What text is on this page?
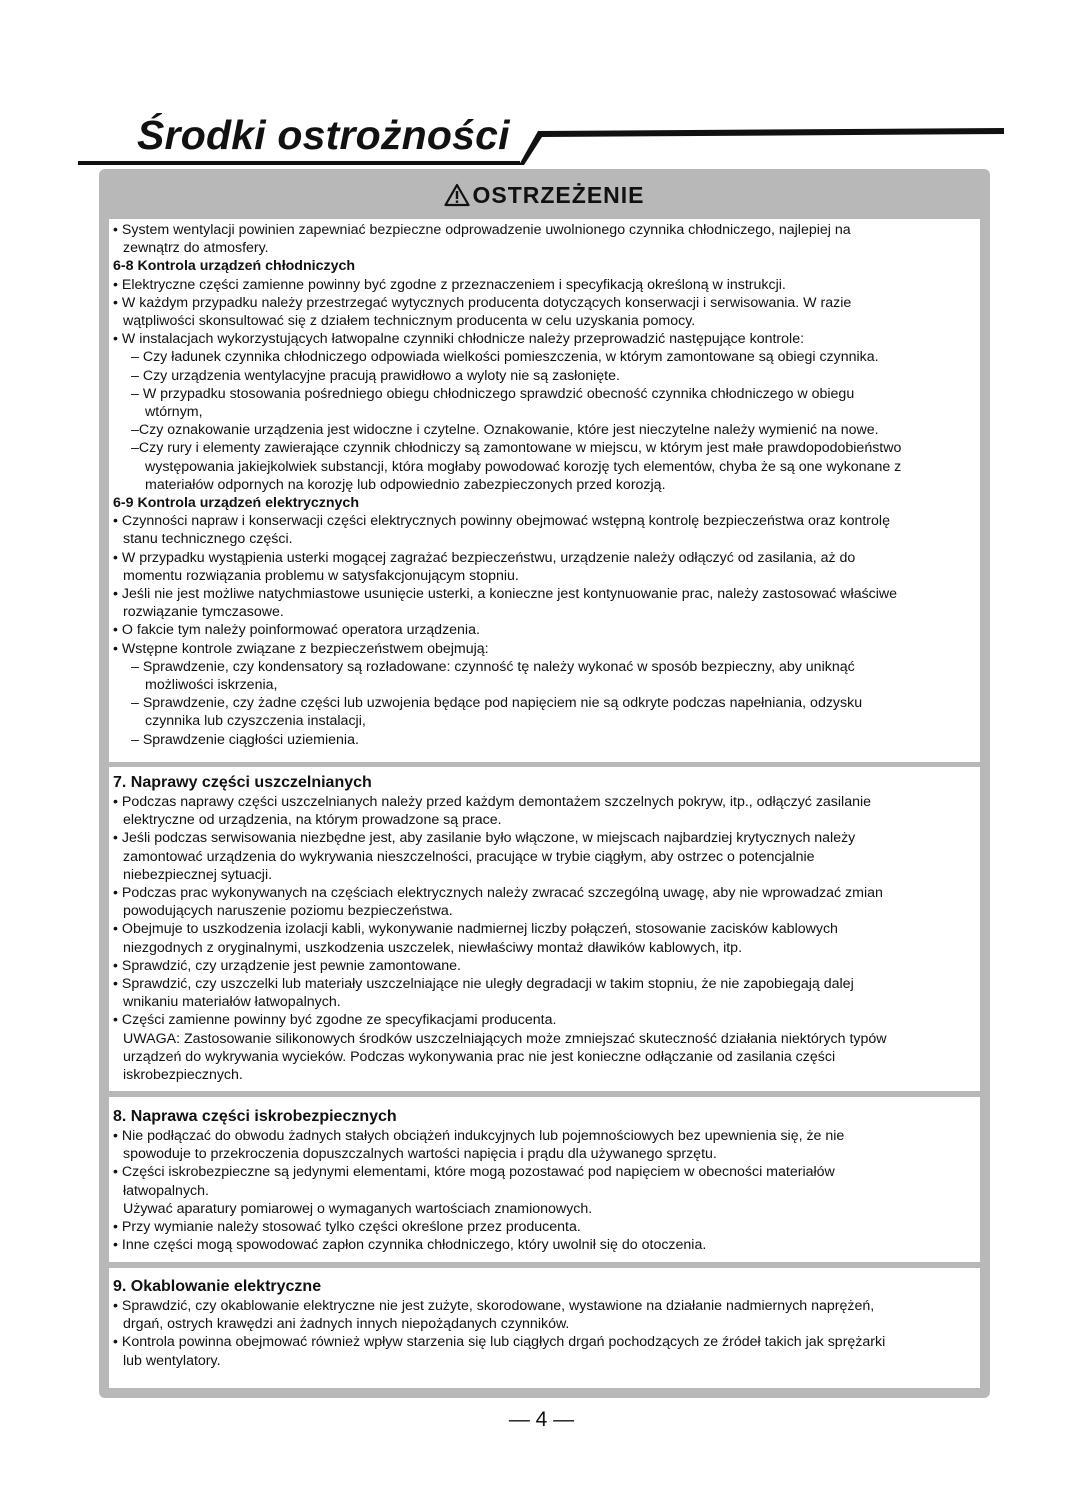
Środki ostrożności
OSTRZEŻENIE
• System wentylacji powinien zapewniać bezpieczne odprowadzenie uwolnionego czynnika chłodniczego, najlepiej na
zewnątrz do atmosfery.
6-8 Kontrola urządzeń chłodniczych
• Elektryczne części zamienne powinny być zgodne z przeznaczeniem i specyfikacją określoną w instrukcji.
• W każdym przypadku należy przestrzegać wytycznych producenta dotyczących konserwacji i serwisowania. W razie
wątpliwości skonsultować się z działem technicznym producenta w celu uzyskania pomocy.
• W instalacjach wykorzystujących łatwopalne czynniki chłodnicze należy przeprowadzić następujące kontrole:
– Czy ładunek czynnika chłodniczego odpowiada wielkości pomieszczenia, w którym zamontowane są obiegi czynnika.
– Czy urządzenia wentylacyjne pracują prawidłowo a wyloty nie są zasłonięte.
– W przypadku stosowania pośredniego obiegu chłodniczego sprawdzić obecność czynnika chłodniczego w obiegu
wtórnym,
–Czy oznakowanie urządzenia jest widoczne i czytelne. Oznakowanie, które jest nieczytelne należy wymienić na nowe.
–Czy rury i elementy zawierające czynnik chłodniczy są zamontowane w miejscu, w którym jest małe prawdopodobieństwo
występowania jakiejkolwiek substancji, która mogłaby powodować korozję tych elementów, chyba że są one wykonane z
materiałów odpornych na korozję lub odpowiednio zabezpieczonych przed korozją.
6-9 Kontrola urządzeń elektrycznych
• Czynności napraw i konserwacji części elektrycznych powinny obejmować wstępną kontrolę bezpieczeństwa oraz kontrolę
stanu technicznego części.
• W przypadku wystąpienia usterki mogącej zagrażać bezpieczeństwu, urządzenie należy odłączyć od zasilania, aż do
momentu rozwiązania problemu w satysfakcjonującym stopniu.
• Jeśli nie jest możliwe natychmiastowe usunięcie usterki, a konieczne jest kontynuowanie prac, należy zastosować właściwe
rozwiązanie tymczasowe.
• O fakcie tym należy poinformować operatora urządzenia.
• Wstępne kontrole związane z bezpieczeństwem obejmują:
– Sprawdzenie, czy kondensatory są rozładowane: czynność tę należy wykonać w sposób bezpieczny, aby uniknąć
możliwości iskrzenia,
– Sprawdzenie, czy żadne części lub uzwojenia będące pod napięciem nie są odkryte podczas napełniania, odzysku
czynnika lub czyszczenia instalacji,
– Sprawdzenie ciągłości uziemienia.
7. Naprawy części uszczelnianych
• Podczas naprawy części uszczelnianych należy przed każdym demontażem szczelnych pokryw, itp., odłączyć zasilanie
elektryczne od urządzenia, na którym prowadzone są prace.
• Jeśli podczas serwisowania niezbędne jest, aby zasilanie było włączone, w miejscach najbardziej krytycznych należy
zamontować urządzenia do wykrywania nieszczelności, pracujące w trybie ciągłym, aby ostrzec o potencjalnie
niebezpiecznej sytuacji.
• Podczas prac wykonywanych na częściach elektrycznych należy zwracać szczególną uwagę, aby nie wprowadzać zmian
powodujących naruszenie poziomu bezpieczeństwa.
• Obejmuje to uszkodzenia izolacji kabli, wykonywanie nadmiernej liczby połączeń, stosowanie zacisków kablowych
niezgodnych z oryginalnymi, uszkodzenia uszczelek, niewłaściwy montaż dławików kablowych, itp.
• Sprawdzić, czy urządzenie jest pewnie zamontowane.
• Sprawdzić, czy uszczelki lub materiały uszczelniające nie uległy degradacji w takim stopniu, że nie zapobiegają dalej
wnikaniu materiałów łatwopalnych.
• Części zamienne powinny być zgodne ze specyfikacjami producenta.
UWAGA: Zastosowanie silikonowych środków uszczelniających może zmniejszać skuteczność działania niektórych typów
urządzeń do wykrywania wycieków. Podczas wykonywania prac nie jest konieczne odłączanie od zasilania części
iskrobezpiecznych.
8. Naprawa części iskrobezpiecznych
• Nie podłączać do obwodu żadnych stałych obciążeń indukcyjnych lub pojemnościowych bez upewnienia się, że nie
spowoduje to przekroczenia dopuszczalnych wartości napięcia i prądu dla używanego sprzętu.
• Części iskrobezpieczne są jedynymi elementami, które mogą pozostawać pod napięciem w obecności materiałów
łatwopalnych.
Używać aparatury pomiarowej o wymaganych wartościach znamionowych.
• Przy wymianie należy stosować tylko części określone przez producenta.
• Inne części mogą spowodować zapłon czynnika chłodniczego, który uwolnił się do otoczenia.
9. Okablowanie elektryczne
• Sprawdzić, czy okablowanie elektryczne nie jest zużyte, skorodowane, wystawione na działanie nadmiernych naprężeń,
drgań, ostrych krawędzi ani żadnych innych niepożądanych czynników.
• Kontrola powinna obejmować również wpływ starzenia się lub ciągłych drgań pochodzących ze źródeł takich jak sprężarki
lub wentylatory.
— 4 —
